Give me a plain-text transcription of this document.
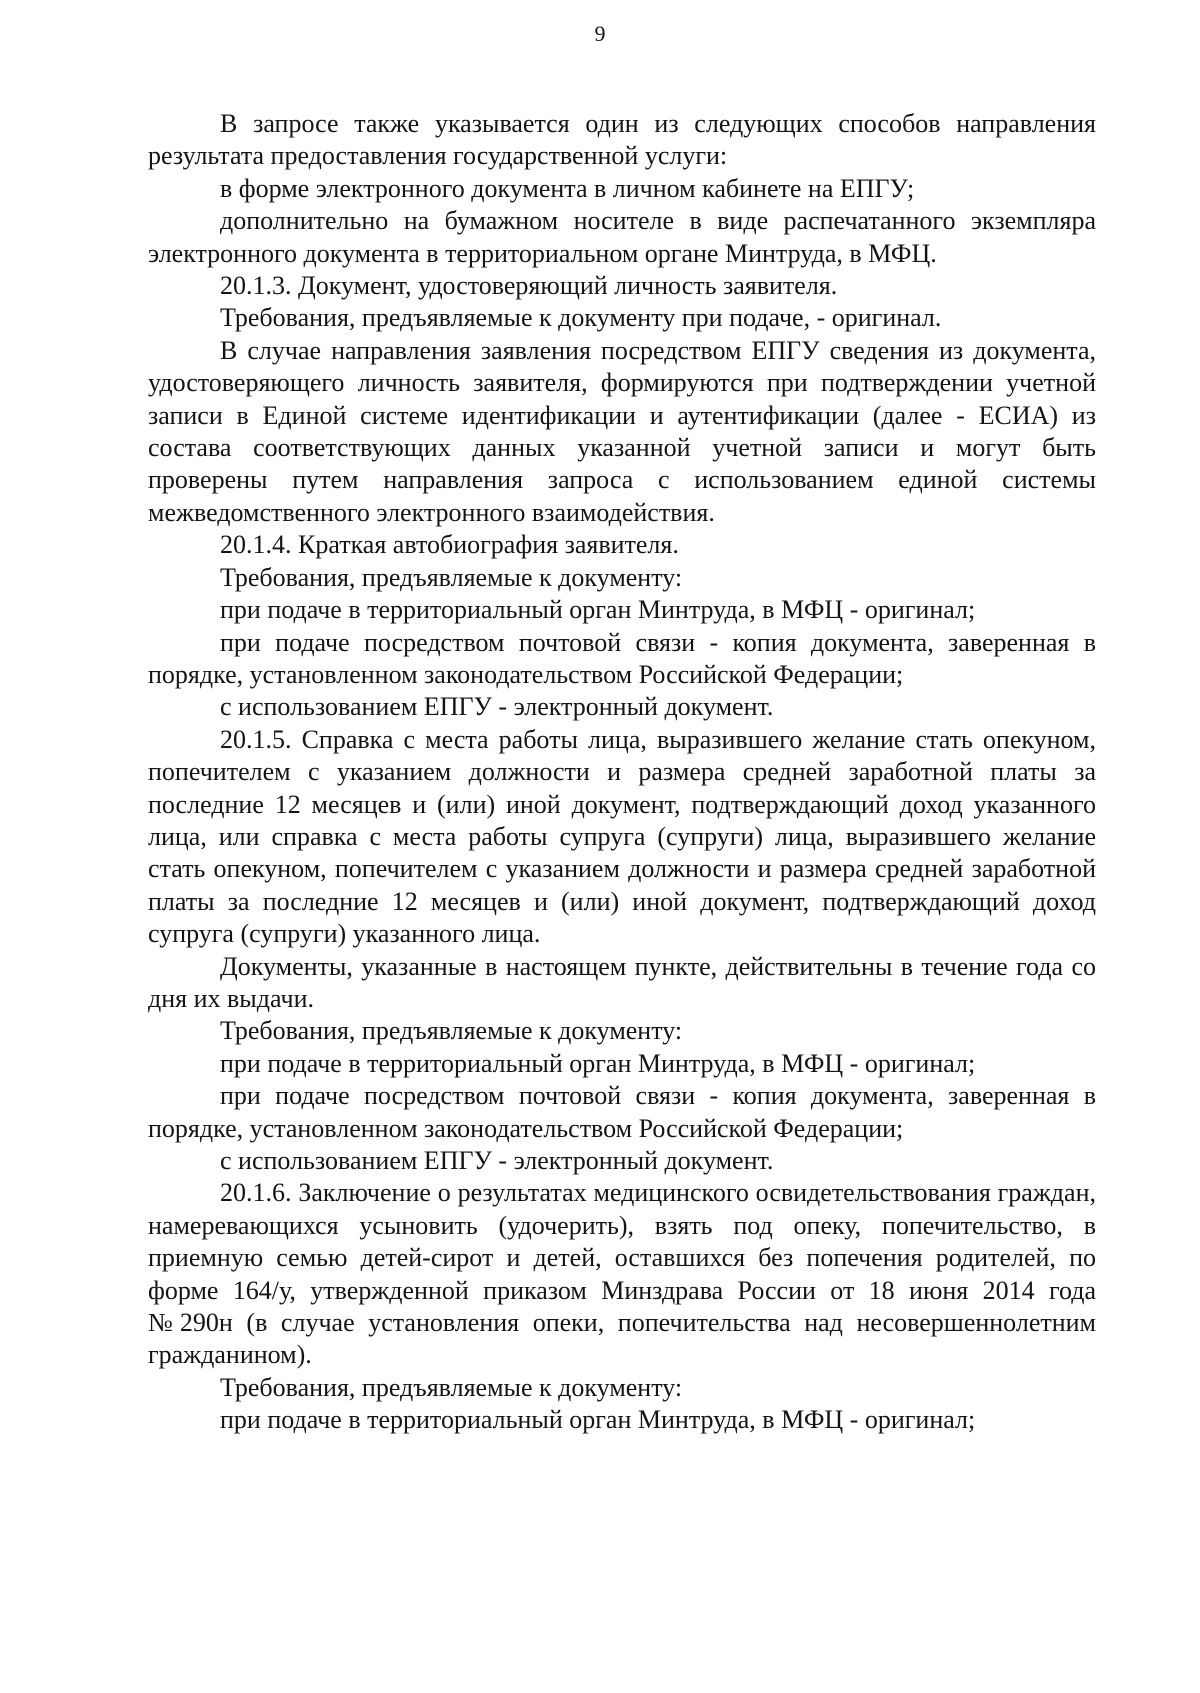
9

В запросе также указывается один из следующих способов направления результата предоставления государственной услуги:

в форме электронного документа в личном кабинете на ЕПГУ;

дополнительно на бумажном носителе в виде распечатанного экземпляра электронного документа в территориальном органе Минтруда, в МФЦ.

20.1.3. Документ, удостоверяющий личность заявителя.

Требования, предъявляемые к документу при подаче, - оригинал.

В случае направления заявления посредством ЕПГУ сведения из документа, удостоверяющего личность заявителя, формируются при подтверждении учетной записи в Единой системе идентификации и аутентификации (далее - ЕСИА) из состава соответствующих данных указанной учетной записи и могут быть проверены путем направления запроса с использованием единой системы межведомственного электронного взаимодействия.

20.1.4. Краткая автобиография заявителя.

Требования, предъявляемые к документу:

при подаче в территориальный орган Минтруда, в МФЦ - оригинал;

при подаче посредством почтовой связи - копия документа, заверенная в порядке, установленном законодательством Российской Федерации;

с использованием ЕПГУ - электронный документ.

20.1.5. Справка с места работы лица, выразившего желание стать опекуном, попечителем с указанием должности и размера средней заработной платы за последние 12 месяцев и (или) иной документ, подтверждающий доход указанного лица, или справка с места работы супруга (супруги) лица, выразившего желание стать опекуном, попечителем с указанием должности и размера средней заработной платы за последние 12 месяцев и (или) иной документ, подтверждающий доход супруга (супруги) указанного лица.

Документы, указанные в настоящем пункте, действительны в течение года со дня их выдачи.

Требования, предъявляемые к документу:

при подаче в территориальный орган Минтруда, в МФЦ - оригинал;

при подаче посредством почтовой связи - копия документа, заверенная в порядке, установленном законодательством Российской Федерации;

с использованием ЕПГУ - электронный документ.

20.1.6. Заключение о результатах медицинского освидетельствования граждан, намеревающихся усыновить (удочерить), взять под опеку, попечительство, в приемную семью детей-сирот и детей, оставшихся без попечения родителей, по форме 164/у, утвержденной приказом Минздрава России от 18 июня 2014 года №290н (в случае установления опеки, попечительства над несовершеннолетним гражданином).

Требования, предъявляемые к документу:

при подаче в территориальный орган Минтруда, в МФЦ - оригинал;
